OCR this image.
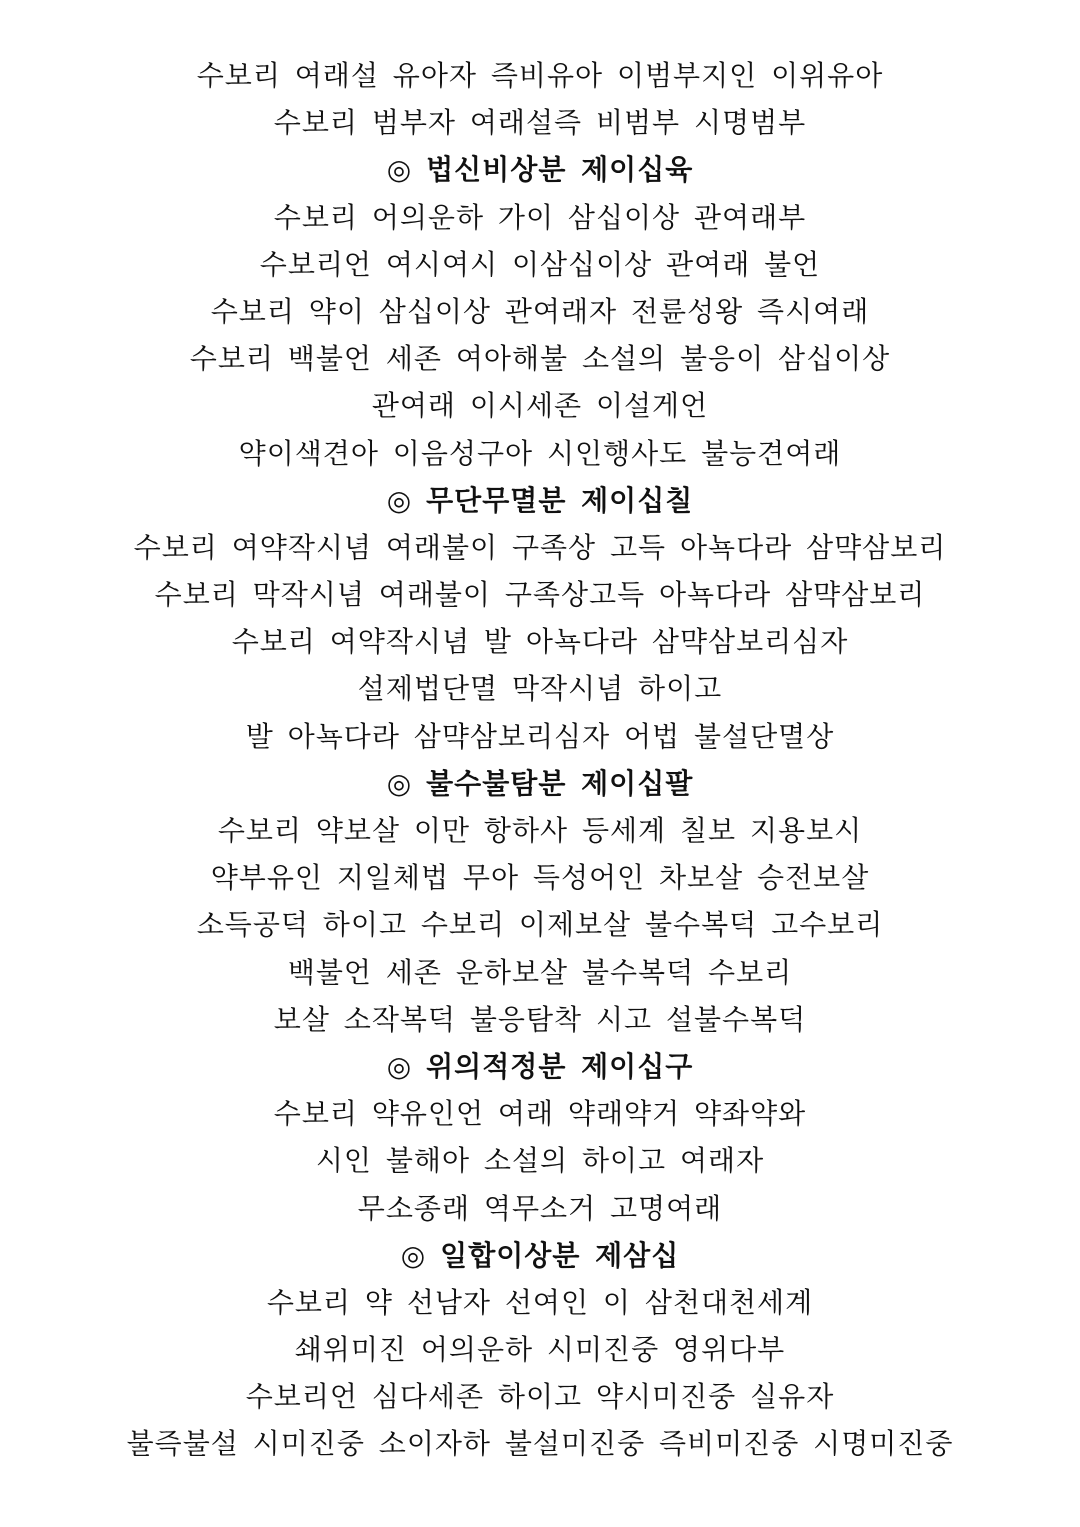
수보리 여래설 유아자 즉비유아 이범부지인 이위유아
수보리 범부자 여래설즉 비범부 시명범부
◎ 법신비상분 제이십육
수보리 어의운하 가이 삼십이상 관여래부
수보리언 여시여시 이삼십이상 관여래 불언
수보리 약이 삼십이상 관여래자 전륜성왕 즉시여래
수보리 백불언 세존 여아해불 소설의 불응이 삼십이상
관여래 이시세존 이설게언
약이색견아 이음성구아 시인행사도 불능견여래
◎ 무단무멸분 제이십칠
수보리 여약작시념 여래불이 구족상 고득 아뇩다라 삼먁삼보리
수보리 막작시념 여래불이 구족상고득 아뇩다라 삼먁삼보리
수보리 여약작시념 발 아뇩다라 삼먁삼보리심자
설제법단멸 막작시념 하이고
발 아뇩다라 삼먁삼보리심자 어법 불설단멸상
◎ 불수불탐분 제이십팔
수보리 약보살 이만 항하사 등세계 칠보 지용보시
약부유인 지일체법 무아 득성어인 차보살 승전보살
소득공덕 하이고 수보리 이제보살 불수복덕 고수보리
백불언 세존 운하보살 불수복덕 수보리
보살 소작복덕 불응탐착 시고 설불수복덕
◎ 위의적정분 제이십구
수보리 약유인언 여래 약래약거 약좌약와
시인 불해아 소설의 하이고 여래자
무소종래 역무소거 고명여래
◎ 일합이상분 제삼십
수보리 약 선남자 선여인 이 삼천대천세계
쇄위미진 어의운하 시미진중 영위다부
수보리언 심다세존 하이고 약시미진중 실유자
불즉불설 시미진중 소이자하 불설미진중 즉비미진중 시명미진중
